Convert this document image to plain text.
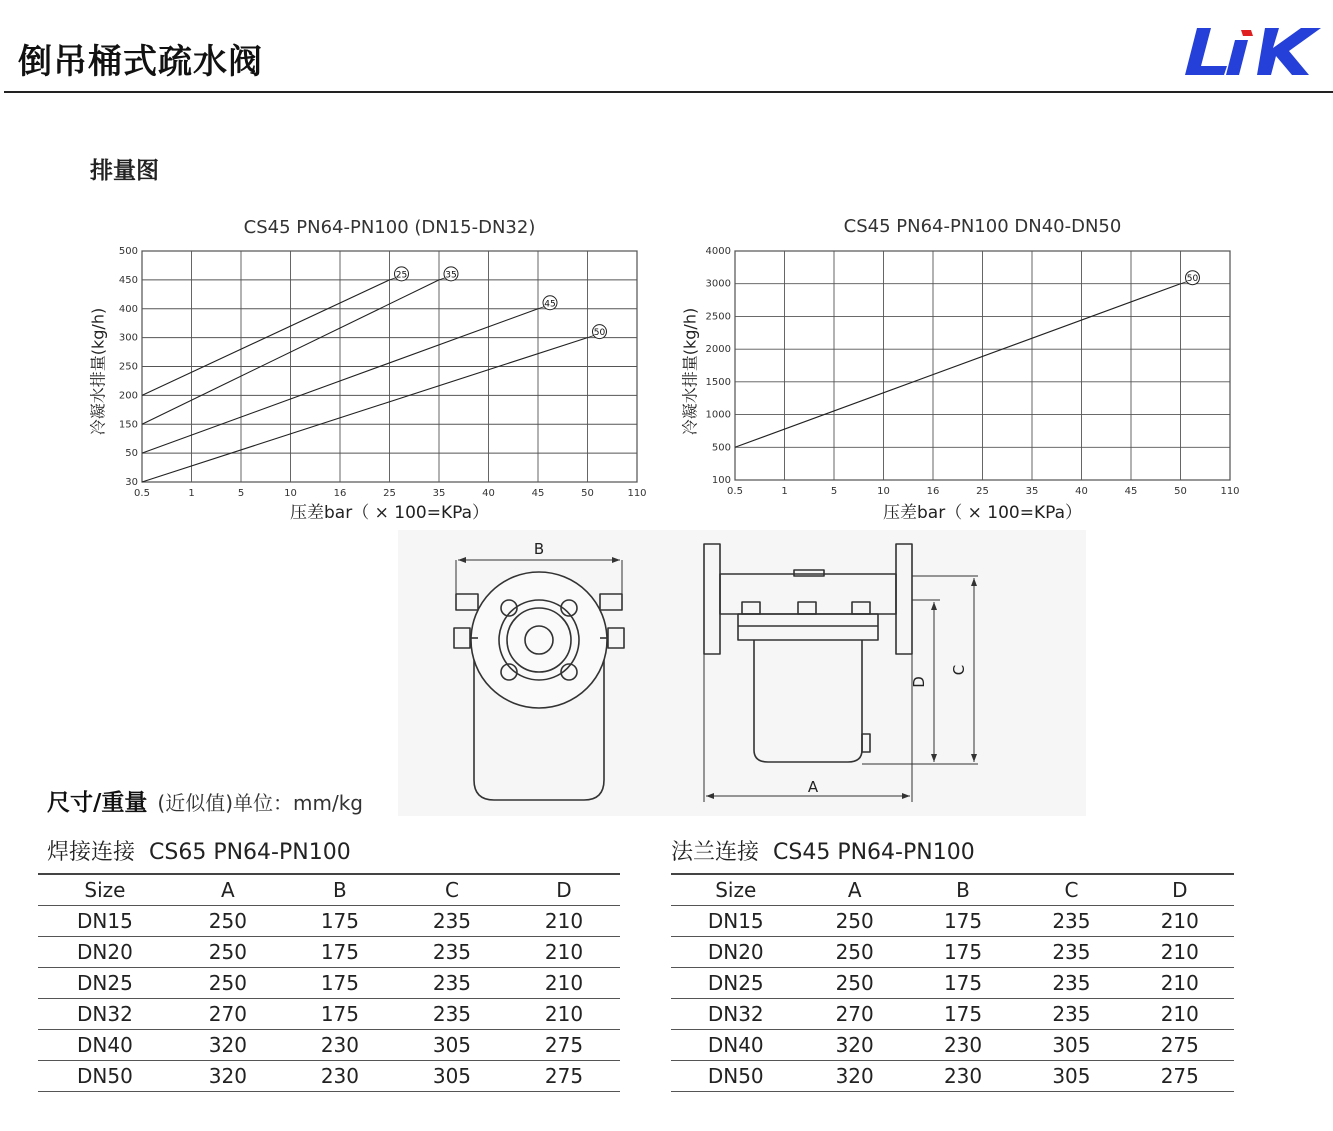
倒吊桶式疏水阀
LIK
排量图
CS45 PN64-PN100 (DN15-DN32)
冷凝水排量(kg/h)
压差bar（ × 100=KPa）
30
50
150
200
250
300
400
450
500
0.5	1	5	10	16	25	35	40	45	50	110
25	35
45
50
CS45 PN64-PN100 DN40-DN50
冷凝水排量(kg/h)
压差bar（ × 100=KPa）
100
500
1000
1500
2000
2500
3000
4000
0.5	1	5	10	16	25	35	40	45	50	110
50
B
A
C
D
尺寸/重量 (近似值)单位：mm/kg
焊接连接 CS65 PN64-PN100
Size	A	B	C	D
DN15	250	175	235	210
DN20	250	175	235	210
DN25	250	175	235	210
DN32	270	175	235	210
DN40	320	230	305	275
DN50	320	230	305	275
法兰连接 CS45 PN64-PN100
Size	A	B	C	D
DN15	250	175	235	210
DN20	250	175	235	210
DN25	250	175	235	210
DN32	270	175	235	210
DN40	320	230	305	275
DN50	320	230	305	275
